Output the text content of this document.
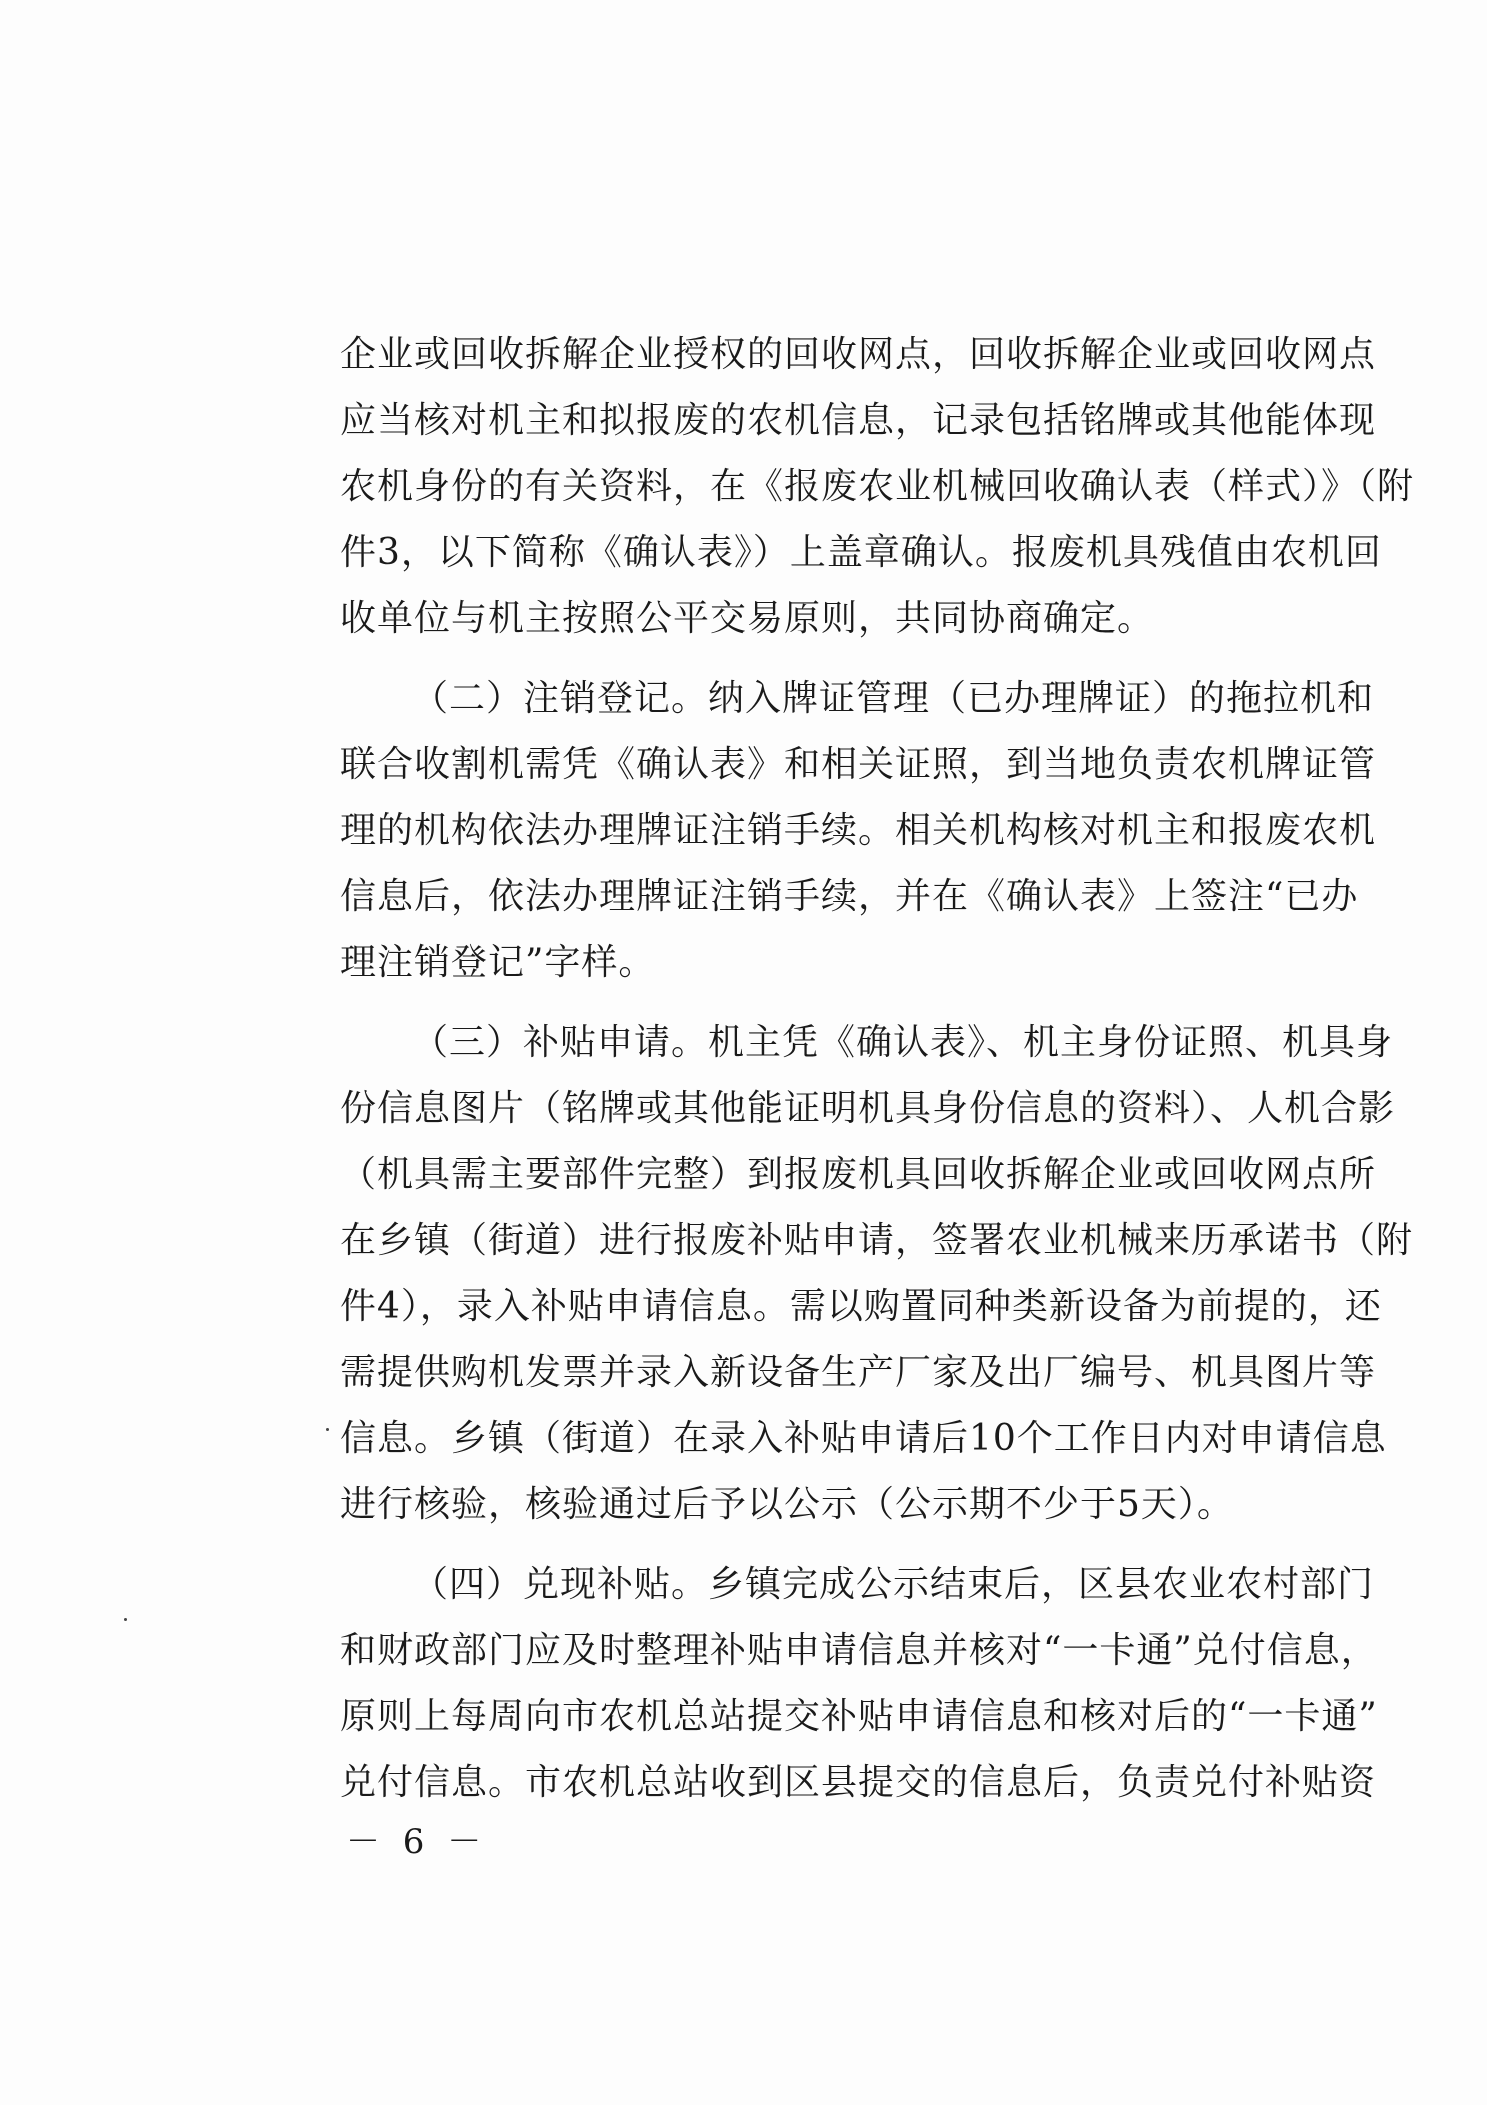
企业或回收拆解企业授权的回收网点，回收拆解企业或回收网点
应当核对机主和拟报废的农机信息，记录包括铭牌或其他能体现
农机身份的有关资料，在《报废农业机械回收确认表（样式）》（附
件3，以下简称《确认表》）上盖章确认。报废机具残值由农机回
收单位与机主按照公平交易原则，共同协商确定。
（二）注销登记。纳入牌证管理（已办理牌证）的拖拉机和
联合收割机需凭《确认表》和相关证照，到当地负责农机牌证管
理的机构依法办理牌证注销手续。相关机构核对机主和报废农机
信息后，依法办理牌证注销手续，并在《确认表》上签注“已办
理注销登记”字样。
（三）补贴申请。机主凭《确认表》、机主身份证照、机具身
份信息图片（铭牌或其他能证明机具身份信息的资料）、人机合影
（机具需主要部件完整）到报废机具回收拆解企业或回收网点所
在乡镇（街道）进行报废补贴申请，签署农业机械来历承诺书（附
件4），录入补贴申请信息。需以购置同种类新设备为前提的，还
需提供购机发票并录入新设备生产厂家及出厂编号、机具图片等
信息。乡镇（街道）在录入补贴申请后10个工作日内对申请信息
进行核验，核验通过后予以公示（公示期不少于5天）。
（四）兑现补贴。乡镇完成公示结束后，区县农业农村部门
和财政部门应及时整理补贴申请信息并核对“一卡通”兑付信息，
原则上每周向市农机总站提交补贴申请信息和核对后的“一卡通”
兑付信息。市农机总站收到区县提交的信息后，负责兑付补贴资
－ 6 －
